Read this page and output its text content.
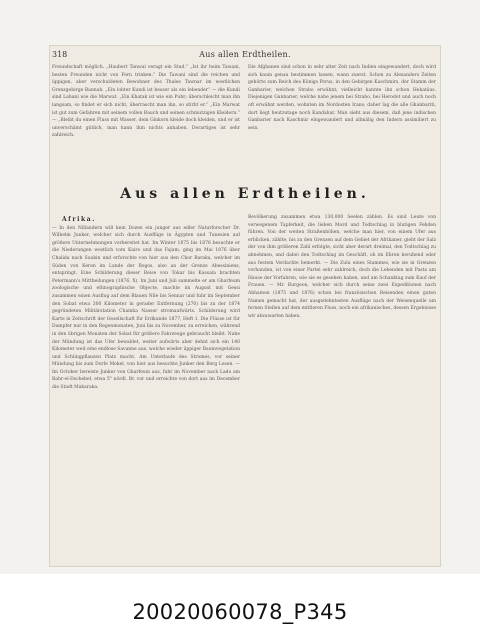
318	Aus allen Erdtheilen.
Freundschaft möglich. „Haubert Tanwai veragt ein Stud.“ „Ist ihr heim Tawani, besten Freunden nicht von Fern trinken.“ Die Tawani sind die reichen und üppigen, aber verschuldeten Bewohner des Thales Tawnar im westlichen Grenzgebirge Bannah. „Ein lobter Kundi ist besser als ein lebender“ — die Kundi sind Lahani wie die Marwat. „Ein Khatak ist wie ein Puhr; überschleicht man ihn langsam, so findet er sich nicht, überrascht man ihn, so stirbt er.“ „Ein Marwat ist gut zum Gefahren mit seinem vollen Bauch und seinen schmutzigen Kleidern.“ — „Bleibt du einen Fluss mit Wasser, dem Ginkorn kleide doch kleiden, und er ist unverschämt gütlich, man kann ihm nichts anhaben. Derartiges ist sehr zahlreich.
Die Afghanen sind schon in sehr alter Zeit nach Indien eingewandert, doch wird sich kaum genau bestimmen lassen, wann zuerst. Schon zu Alexanders Zeiten gehörte zum Reich des Königs Porus, in den Gebirgen Kaschmirs, der Stamm der Ganbarier, welchen Strabo erwähnt; vielleicht kannte ihn schon Hekatäus. Diejenigen Ganbarier, welche nahe jenem bei Strabo, bei Herodot und auch noch oft erwähnt werden, wohnten im Nordosten Irans; daher lag die alle Ghanbariti, dort liegt heutzutage noch Kandahar. Man sieht aus diesem, daß jene indischen Ganbarier nach Kaschmir eingewandert und allmälig den Indern assimiliert zu sein.
Aus allen Erdtheilen.
Afrika.
— In den Nillandern will kein Dozen ein junger aus edler Naturforscher Dr. Wilhelm Junker, welcher sich durch Ausflüge in Ägypten und Tunesien auf größere Unternehmungen vorbereitet hat. Im Winter 1875 bis 1876 besuchte er die Niederungen westlich vom Kairo und das Fajum, ging im Mai 1876 über Chalida nach Suakin und erforschte von hier aus den Chor Baraka, welcher im Süden von Keren im Lande der Bogos, also an der Grenze Abessiniens, entspringt. Eine Schilderung dieser Reise von Tokar bis Kassala brachten Petermann's Mittheilungen (1876, X). Im Juni und Juli sammelte er am Gharfeum zoologische und ethnographische Objecte, machte im August mit Gessi zusammen einen Ausflug auf dem Blauen Nile bis Sennar und fuhr im September den Sobat etwa 300 Kilometer in gerader Entfernung (270) bis zu der 1874 gegründeten Militärstation Chamba Nasser stromaufwärts. Schilderung wird Karte in Zeitschrift der Gesellschaft für Erdkunde 1877, Heft 1. Die Flüsse ist für Dampfer nur in den Regenmonaten, Juni bis zu November, zu erreichen, während in den übrigen Monaten der Sobat für größere Fahrzeuge gebraucht bleibt. Nahe der Mündung ist das Ufer bewaldet, weiter aufwärts aber dehnt sich ein 140 Kilometer weit eine endlose Savanne aus, welche wieder üppiger Baumvegetation und Schlingpflanzen Platz macht. Am Unterlaufe des Stromes, vor seiner Mündung bis zum Dorfe Mokel, von hier aus besuchte Junker den Berg Lesen. — Im October bereiste Junker von Gharfeum aus, fuhr im November nach Lado am Bahr-el-Dschebel, etwa 5° nördl. Br. vor und erreichte von dort aus im December die Stadt Makaraka.
Bevölkerung zusammen etwa 130,000 Seelen zählen. Es sind Leute von verwegenem Tapferkeit, die lieben Mord und Todtschlag in blutigen Fehden führen. Von der weiten Straßenhöhen, welche man hier, von einem Ufer aus erblicken, zählte, bis zu den Grenzen auf dem Gebiet der Afrikaner, giebt der Salz der von ihm größeren Zahl erfolgte, sicht aber derart dreimal, den Todtschlag zu abnehmen, und dabei den Todtschlag im Geschäft, ob im Ehren beruhend oder aus festem Verdachte bemerkt. — Die Zulu eines Stammes, wie sie in Grenzen vorhanden, ist von einer Partei sehr zahlreich, doch die Lebenden mit Pasta am Hause der Vorfahren, wie sie es gesehen haben, und am Schanktag zum Kauf der Frauen. — Mr. Burgeon, welcher sich durch seine zwei Expeditionen nach Abhamon (1875 und 1876) schon bei französischen Reisenden einen guten Namen gemacht hat, der ausgedehntesten Ausflüge nach der Weisenquelle um fernen Stellen auf dem mittleren Fluss, noch ein afrikanisches, dessen Ergebnisse wir abzuwarten haben.
20020060078_P345
